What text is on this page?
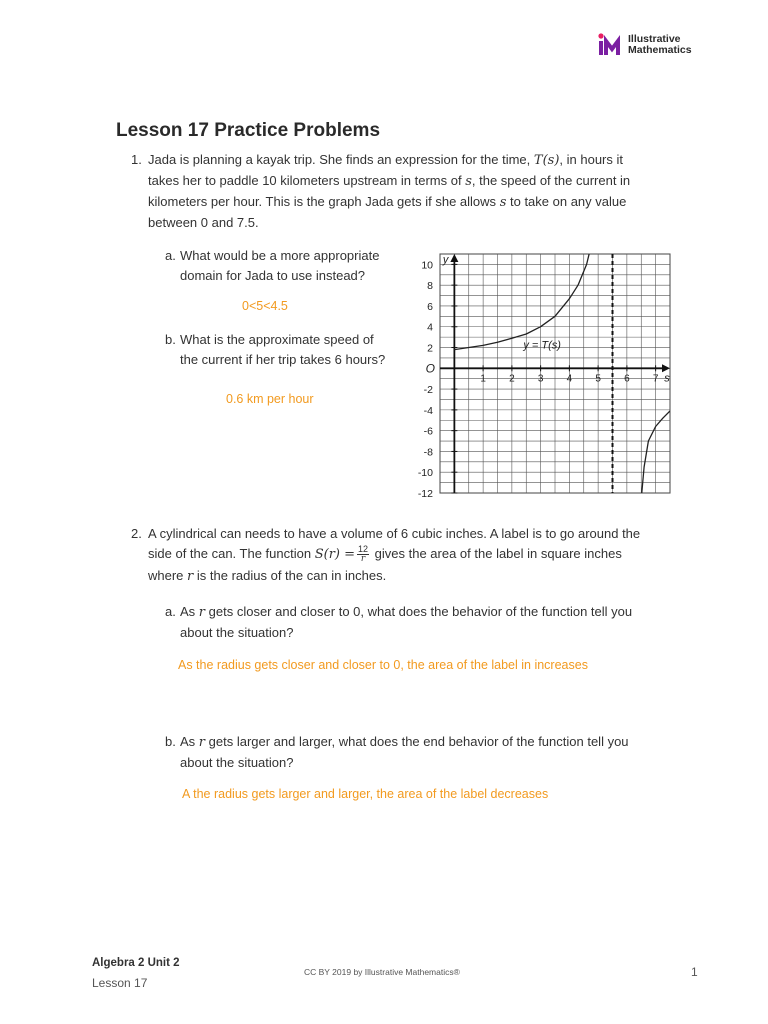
Illustrative
Mathematics
Lesson 17 Practice Problems
1. Jada is planning a kayak trip. She finds an expression for the time, T(s), in hours it
takes her to paddle 10 kilometers upstream in terms of s, the speed of the current in
kilometers per hour. This is the graph Jada gets if she allows s to take on any value
between 0 and 7.5.
a. What would be a more appropriate
domain for Jada to use instead?
0<5<4.5
b. What is the approximate speed of
the current if her trip takes 6 hours?
0.6 km per hour
10
8
6
4
2
-2
-4
-6
-8
-10
-12
1 2 3 4 5 6 7 s
y
O
y = T(s)
2. A cylindrical can needs to have a volume of 6 cubic inches. A label is to go around the
side of the can. The function $S(r) = \frac{12}{r}$ gives the area of the label in square inches
where r is the radius of the can in inches.
a. As r gets closer and closer to 0, what does the behavior of the function tell you
about the situation?
As the radius gets closer and closer to 0, the area of the label in increases
b. As r gets larger and larger, what does the end behavior of the function tell you
about the situation?
A the radius gets larger and larger, the area of the label decreases
Algebra 2 Unit 2
Lesson 17
CC BY 2019 by Illustrative Mathematics®	1
